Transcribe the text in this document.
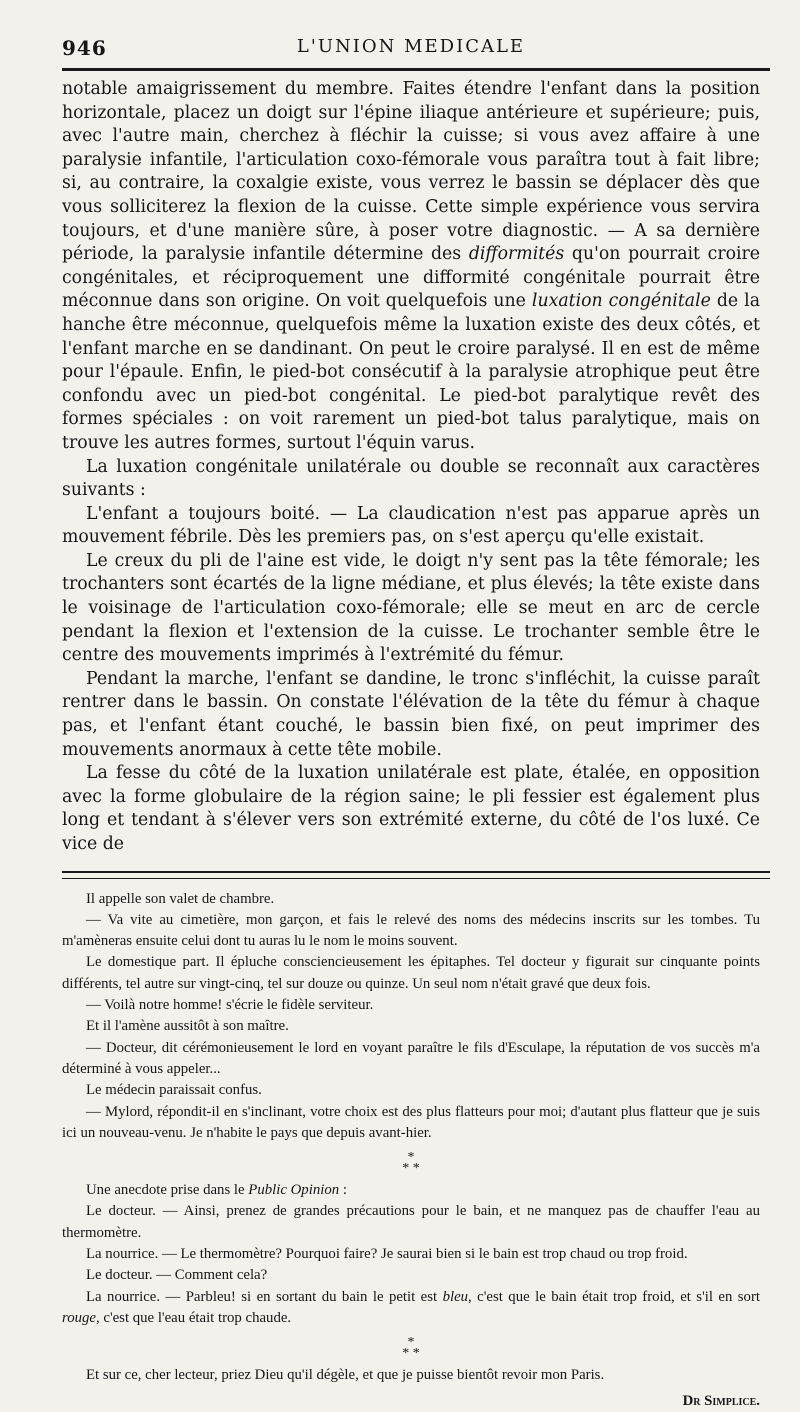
946	L'UNION MEDICALE

notable amaigrissement du membre. Faites étendre l'enfant dans la position horizontale, placez un doigt sur l'épine iliaque antérieure et supérieure; puis, avec l'autre main, cherchez à fléchir la cuisse; si vous avez affaire à une paralysie infantile, l'articulation coxo-fémorale vous paraîtra tout à fait libre; si, au contraire, la coxalgie existe, vous verrez le bassin se déplacer dès que vous solliciterez la flexion de la cuisse. Cette simple expérience vous servira toujours, et d'une manière sûre, à poser votre diagnostic. — A sa dernière période, la paralysie infantile détermine des difformités qu'on pourrait croire congénitales, et réciproquement une difformité congénitale pourrait être méconnue dans son origine. On voit quelquefois une luxation congénitale de la hanche être méconnue, quelquefois même la luxation existe des deux côtés, et l'enfant marche en se dandinant. On peut le croire paralysé. Il en est de même pour l'épaule. Enfin, le pied-bot consécutif à la paralysie atrophique peut être confondu avec un pied-bot congénital. Le pied-bot paralytique revêt des formes spéciales : on voit rarement un pied-bot talus paralytique, mais on trouve les autres formes, surtout l'équin varus.

La luxation congénitale unilatérale ou double se reconnaît aux caractères suivants :

L'enfant a toujours boité. — La claudication n'est pas apparue après un mouvement fébrile. Dès les premiers pas, on s'est aperçu qu'elle existait.

Le creux du pli de l'aine est vide, le doigt n'y sent pas la tête fémorale; les trochanters sont écartés de la ligne médiane, et plus élevés; la tête existe dans le voisinage de l'articulation coxo-fémorale; elle se meut en arc de cercle pendant la flexion et l'extension de la cuisse. Le trochanter semble être le centre des mouvements imprimés à l'extrémité du fémur.

Pendant la marche, l'enfant se dandine, le tronc s'infléchit, la cuisse paraît rentrer dans le bassin. On constate l'élévation de la tête du fémur à chaque pas, et l'enfant étant couché, le bassin bien fixé, on peut imprimer des mouvements anormaux à cette tête mobile.

La fesse du côté de la luxation unilatérale est plate, étalée, en opposition avec la forme globulaire de la région saine; le pli fessier est également plus long et tendant à s'élever vers son extrémité externe, du côté de l'os luxé. Ce vice de

Il appelle son valet de chambre.

— Va vite au cimetière, mon garçon, et fais le relevé des noms des médecins inscrits sur les tombes. Tu m'amèneras ensuite celui dont tu auras lu le nom le moins souvent.

Le domestique part. Il épluche consciencieusement les épitaphes. Tel docteur y figurait sur cinquante points différents, tel autre sur vingt-cinq, tel sur douze ou quinze. Un seul nom n'était gravé que deux fois.

— Voilà notre homme! s'écrie le fidèle serviteur.

Et il l'amène aussitôt à son maître.

— Docteur, dit cérémonieusement le lord en voyant paraître le fils d'Esculape, la réputation de vos succès m'a déterminé à vous appeler...

Le médecin paraissait confus.

— Mylord, répondit-il en s'inclinant, votre choix est des plus flatteurs pour moi; d'autant plus flatteur que je suis ici un nouveau-venu. Je n'habite le pays que depuis avant-hier.

*
* *

Une anecdote prise dans le Public Opinion :

Le docteur. — Ainsi, prenez de grandes précautions pour le bain, et ne manquez pas de chauffer l'eau au thermomètre.

La nourrice. — Le thermomètre? Pourquoi faire? Je saurai bien si le bain est trop chaud ou trop froid.

Le docteur. — Comment cela?

La nourrice. — Parbleu! si en sortant du bain le petit est bleu, c'est que le bain était trop froid, et s'il en sort rouge, c'est que l'eau était trop chaude.

*
* *

Et sur ce, cher lecteur, priez Dieu qu'il dégèle, et que je puisse bientôt revoir mon Paris.

Dr Simplice.
